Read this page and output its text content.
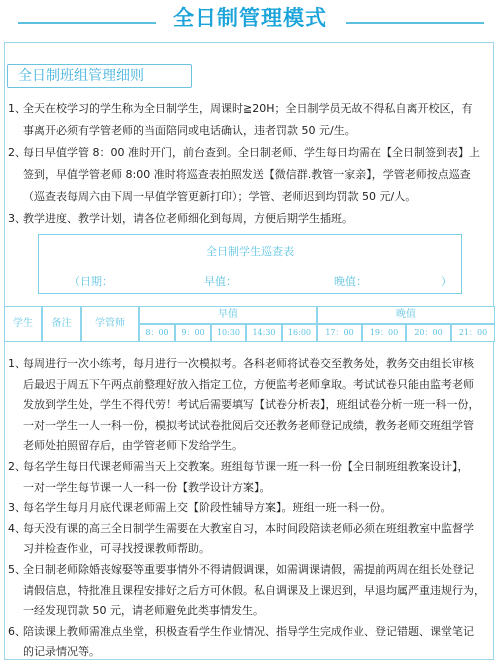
全日制管理模式
全日制班组管理细则
1、
全天在校学习的学生称为全日制学生，周课时≧20H；全日制学员无故不得私自离开校区，有
事离开必须有学管老师的当面陪同或电话确认，违者罚款 50 元/生。
2、
每日早值学管 8：00 准时开门，前台查到。全日制老师、学生每日均需在【全日制签到表】上
签到，早值学管老师 8:00 准时将巡查表拍照发送【微信群.教管一家亲】，学管老师按点巡查
（巡查表每周六由下周一早值学管更新打印）；学管、老师迟到均罚款 50 元/人。
3、
教学进度、教学计划，请各位老师细化到每周，方便后期学生插班。
全日制学生巡查表
（日期：	早值：	晚值：	）
学生	备注	学管师
早值	晚值
8：00	9：00	10:30	14:30	16:00	17：00	19：00	20：00	21：00
1、
每周进行一次小练考，每月进行一次模拟考。各科老师将试卷交至教务处，教务交由组长审核
后最迟于周五下午两点前整理好放入指定工位，方便监考老师拿取。考试试卷只能由监考老师
发放到学生处，学生不得代劳！考试后需要填写【试卷分析表】，班组试卷分析一班一科一份，
一对一学生一人一科一份，模拟考试试卷批阅后交还教务老师登记成绩，教务老师交班组学管
老师处拍照留存后，由学管老师下发给学生。
2、
每名学生每日代课老师需当天上交教案。班组每节课一班一科一份【全日制班组教案设计】，
一对一学生每节课一人一科一份【教学设计方案】。
3、
每名学生每月月底代课老师需上交【阶段性辅导方案】。班组一班一科一份。
4、
每天没有课的高三全日制学生需要在大教室自习，本时间段陪读老师必须在班组教室中监督学
习并检查作业，可寻找授课教师帮助。
5、
全日制老师除婚丧嫁娶等重要事情外不得请假调课，如需调课请假，需提前两周在组长处登记
请假信息，特批准且课程安排好之后方可休假。私自调课及上课迟到，早退均属严重违规行为，
一经发现罚款 50 元，请老师避免此类事情发生。
6、
陪读课上教师需准点坐堂，积极查看学生作业情况、指导学生完成作业、登记错题、课堂笔记
的记录情况等。
